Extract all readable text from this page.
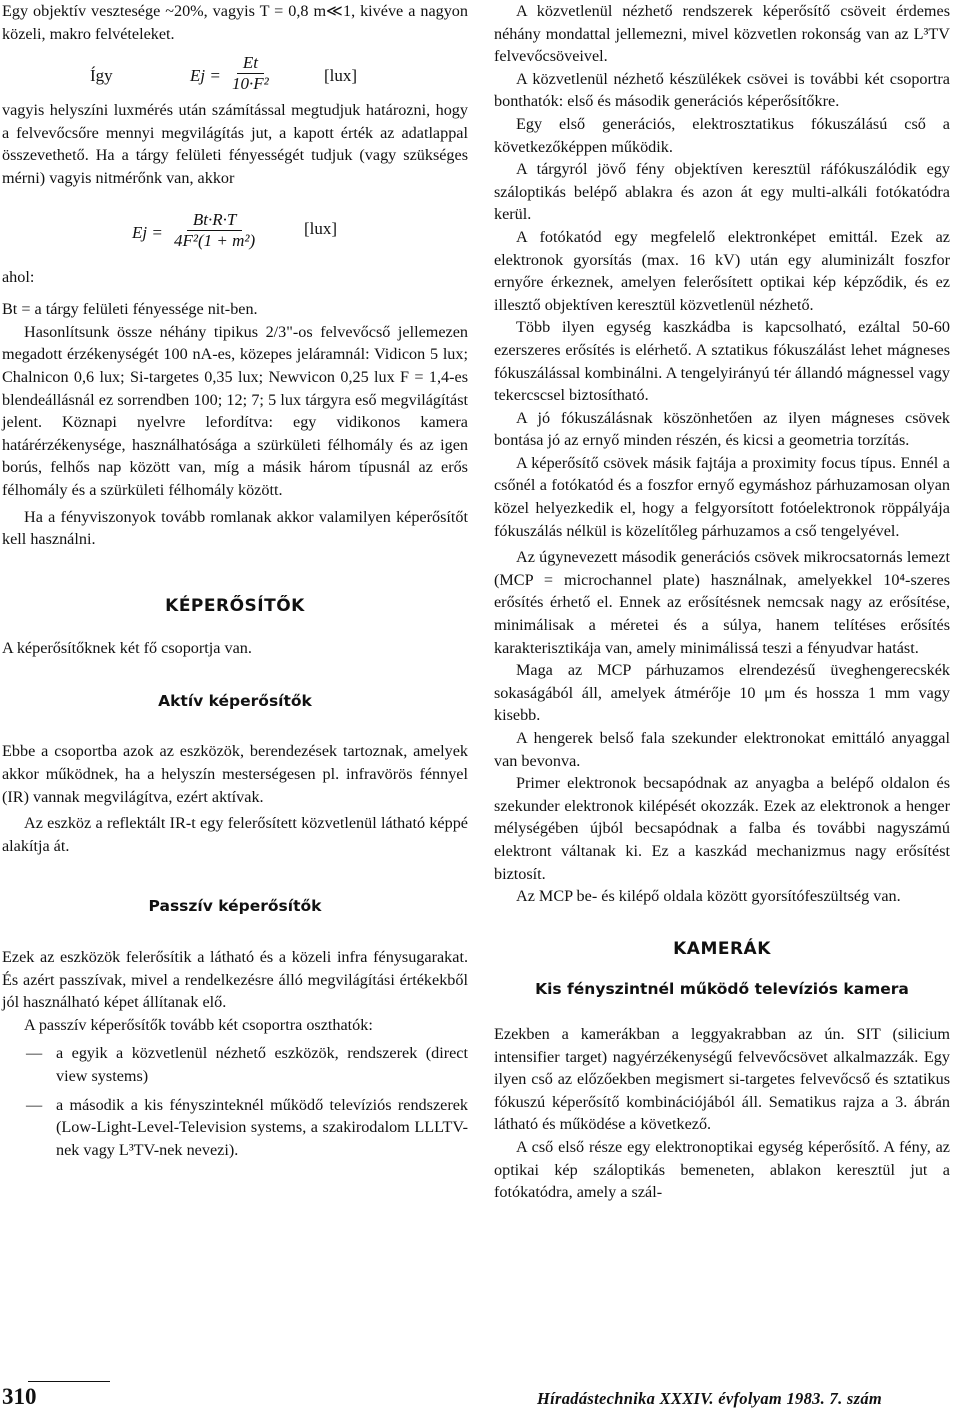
Egy objektív vesztesége ~20%, vagyis T = 0,8 m≪1, kivéve a nagyon közeli, makro felvételeket.

Így	$Ej = \frac{Et}{\text{10·F²}}$	[lux]

vagyis helyszíni luxmérés után számítással megtudjuk határozni, hogy a felvevőcsőre mennyi megvilágítás jut, a kapott érték az adatlappal összevethető. Ha a tárgy felületi fényességét tudjuk (vagy szükséges mérni) vagyis nitmérőnk van, akkor

$Ej = \frac{Bt\cdot R\cdot T}{\text{4F²(1 + m²)}}$	[lux]

ahol:

Bt = a tárgy felületi fényessége nit-ben.

Hasonlítsunk össze néhány tipikus 2/3"-os felvevőcső jellemezen megadott érzékenységét 100 nA-es, közepes jeláramnál: Vidicon 5 lux; Chalnicon 0,6 lux; Si-targetes 0,35 lux; Newvicon 0,25 lux F = 1,4-es blendeállásnál ez sorrendben 100; 12; 7; 5 lux tárgyra eső megvilágítást jelent. Köznapi nyelvre lefordítva: egy vidikonos kamera határérzékenysége, használhatósága a szürkületi félhomály és az igen borús, felhős nap között van, míg a másik három típusnál az erős félhomály és a szürkületi félhomály között.

Ha a fényviszonyok tovább romlanak akkor valamilyen képerősítőt kell használni.

KÉPERŐSÍTŐK

A képerősítőknek két fő csoportja van.

Aktív képerősítők

Ebbe a csoportba azok az eszközök, berendezések tartoznak, amelyek akkor működnek, ha a helyszín mesterségesen pl. infravörös fénnyel (IR) vannak megvilágítva, ezért aktívak.

Az eszköz a reflektált IR-t egy felerősített közvetlenül látható képpé alakítja át.

Passzív képerősítők

Ezek az eszközök felerősítik a látható és a közeli infra fénysugarakat. És azért passzívak, mivel a rendelkezésre álló megvilágítási értékekből jól használható képet állítanak elő.

A passzív képerősítők tovább két csoportra oszthatók:

— a egyik a közvetlenül nézhető eszközök, rendszerek (direct view systems)
— a második a kis fényszinteknél működő televíziós rendszerek (Low-Light-Level-Television systems, a szakirodalom LLLTV-nek vagy L³TV-nek nevezi).

A közvetlenül nézhető rendszerek képerősítő csöveit érdemes néhány mondattal jellemezni, mivel közvetlen rokonság van az L³TV felvevőcsöveivel.

A közvetlenül nézhető készülékek csövei is további két csoportra bonthatók: első és második generációs képerősítőkre.

Egy első generációs, elektrosztatikus fókuszálású cső a következőképpen működik.

A tárgyról jövő fény objektíven keresztül ráfókuszálódik egy száloptikás belépő ablakra és azon át egy multi-alkáli fotókatódra kerül.

A fotókatód egy megfelelő elektronképet emittál. Ezek az elektronok gyorsítás (max. 16 kV) után egy aluminizált foszfor ernyőre érkeznek, amelyen felerősített optikai kép képződik, és ez illesztő objektíven keresztül közvetlenül nézhető.

Több ilyen egység kaszkádba is kapcsolható, ezáltal 50-60 ezerszeres erősítés is elérhető. A sztatikus fókuszálást lehet mágneses fókuszálással kombinálni. A tengelyirányú tér állandó mágnessel vagy tekercscsel biztosítható.

A jó fókuszálásnak köszönhetően az ilyen mágneses csövek bontása jó az ernyő minden részén, és kicsi a geometria torzítás.

A képerősítő csövek másik fajtája a proximity focus típus. Ennél a csőnél a fotókatód és a foszfor ernyő egymáshoz párhuzamosan olyan közel helyezkedik el, hogy a felgyorsított fotóelektronok röppályája fókuszálás nélkül is közelítőleg párhuzamos a cső tengelyével.

Az úgynevezett második generációs csövek mikrocsatornás lemezt (MCP = microchannel plate) használnak, amelyekkel 10⁴-szeres erősítés érhető el. Ennek az erősítésnek nemcsak nagy az erősítése, minimálisak a méretei és a súlya, hanem telítéses erősítés karakterisztikája van, amely minimálissá teszi a fényudvar hatást.

Maga az MCP párhuzamos elrendezésű üveghengerecskék sokaságából áll, amelyek átmérője 10 μm és hossza 1 mm vagy kisebb.

A hengerek belső fala szekunder elektronokat emittáló anyaggal van bevonva.

Primer elektronok becsapódnak az anyagba a belépő oldalon és szekunder elektronok kilépését okozzák. Ezek az elektronok a henger mélységében újból becsapódnak a falba és további nagyszámú elektront váltanak ki. Ez a kaszkád mechanizmus nagy erősítést biztosít.

Az MCP be- és kilépő oldala között gyorsítófeszültség van.

KAMERÁK
Kis fényszintnél működő televíziós kamera

Ezekben a kamerákban a leggyakrabban az ún. SIT (silicium intensifier target) nagyérzékenységű felvevőcsövet alkalmazzák. Egy ilyen cső az előzőekben megismert si-targetes felvevőcső és sztatikus fókuszú képerősítő kombinációjából áll. Sematikus rajza a 3. ábrán látható és működése a következő.

A cső első része egy elektronoptikai egység képerősítő. A fény, az optikai kép száloptikás bemeneten, ablakon keresztül jut a fotókatódra, amely a szál-

310	Híradástechnika XXXIV. évfolyam 1983. 7. szám
